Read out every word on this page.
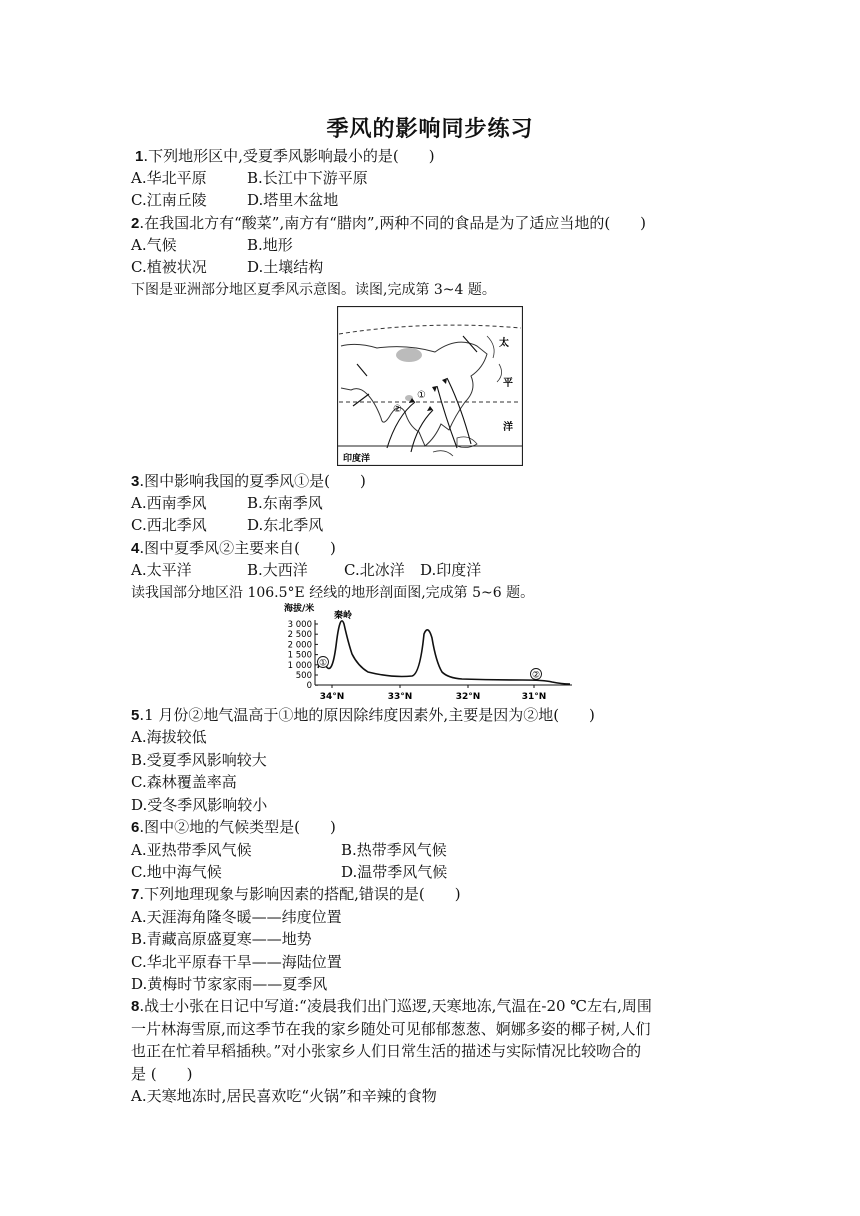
季风的影响同步练习
1.下列地形区中,受夏季风影响最小的是(　　)
A.华北平原	B.长江中下游平原
C.江南丘陵	D.塔里木盆地
2.在我国北方有“酸菜”,南方有“腊肉”,两种不同的食品是为了适应当地的(　　)
A.气候	B.地形
C.植被状况	D.土壤结构
下图是亚洲部分地区夏季风示意图。读图,完成第 3~4 题。
太
平
洋
印度洋
①
②
3.图中影响我国的夏季风①是(　　)
A.西南季风	B.东南季风
C.西北季风	D.东北季风
4.图中夏季风②主要来自(　　)
A.太平洋	B.大西洋 C.北冰洋 D.印度洋
读我国部分地区沿 106.5°E 经线的地形剖面图,完成第 5~6 题。
海拔/米
秦岭
3 000
2 500
2 000
1 500
1 000
500
0
①
②
34°N	33°N	32°N	31°N
5.1 月份②地气温高于①地的原因除纬度因素外,主要是因为②地(　　)
A.海拔较低
B.受夏季风影响较大
C.森林覆盖率高
D.受冬季风影响较小
6.图中②地的气候类型是(　　)
A.亚热带季风气候	B.热带季风气候
C.地中海气候	D.温带季风气候
7.下列地理现象与影响因素的搭配,错误的是(　　)
A.天涯海角隆冬暖——纬度位置
B.青藏高原盛夏寒——地势
C.华北平原春干旱——海陆位置
D.黄梅时节家家雨——夏季风
8.战士小张在日记中写道:“凌晨我们出门巡逻,天寒地冻,气温在-20 ℃左右,周围
一片林海雪原,而这季节在我的家乡随处可见郁郁葱葱、婀娜多姿的椰子树,人们
也正在忙着早稻插秧。”对小张家乡人们日常生活的描述与实际情况比较吻合的
是 (　　)
A.天寒地冻时,居民喜欢吃“火锅”和辛辣的食物
